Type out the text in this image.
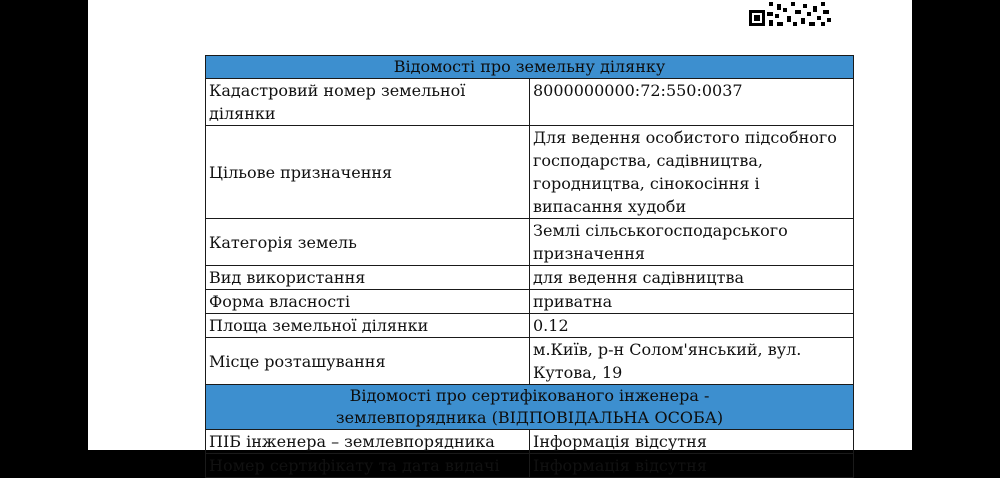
Відомості про земельну ділянку	
Кадастровий номер земельної ділянки	8000000000:72:550:0037
Цільове призначення	Для ведення особистого підсобного господарства, садівництва, городництва, сінокосіння і випасання худоби
Категорія земель	Землі сільськогосподарського призначення
Вид використання	для ведення садівництва
Форма власності	приватна
Площа земельної ділянки	0.12
Місце розташування	м.Київ, р-н Солом'янський, вул. Кутова, 19

Відомості про сертифікованого інженера -
землевпорядника (ВІДПОВІДАЛЬНА ОСОБА)	

ПІБ інженера – землевпорядника	Інформація відсутня
Номер сертифікату та дата видачі	Інформація відсутня
